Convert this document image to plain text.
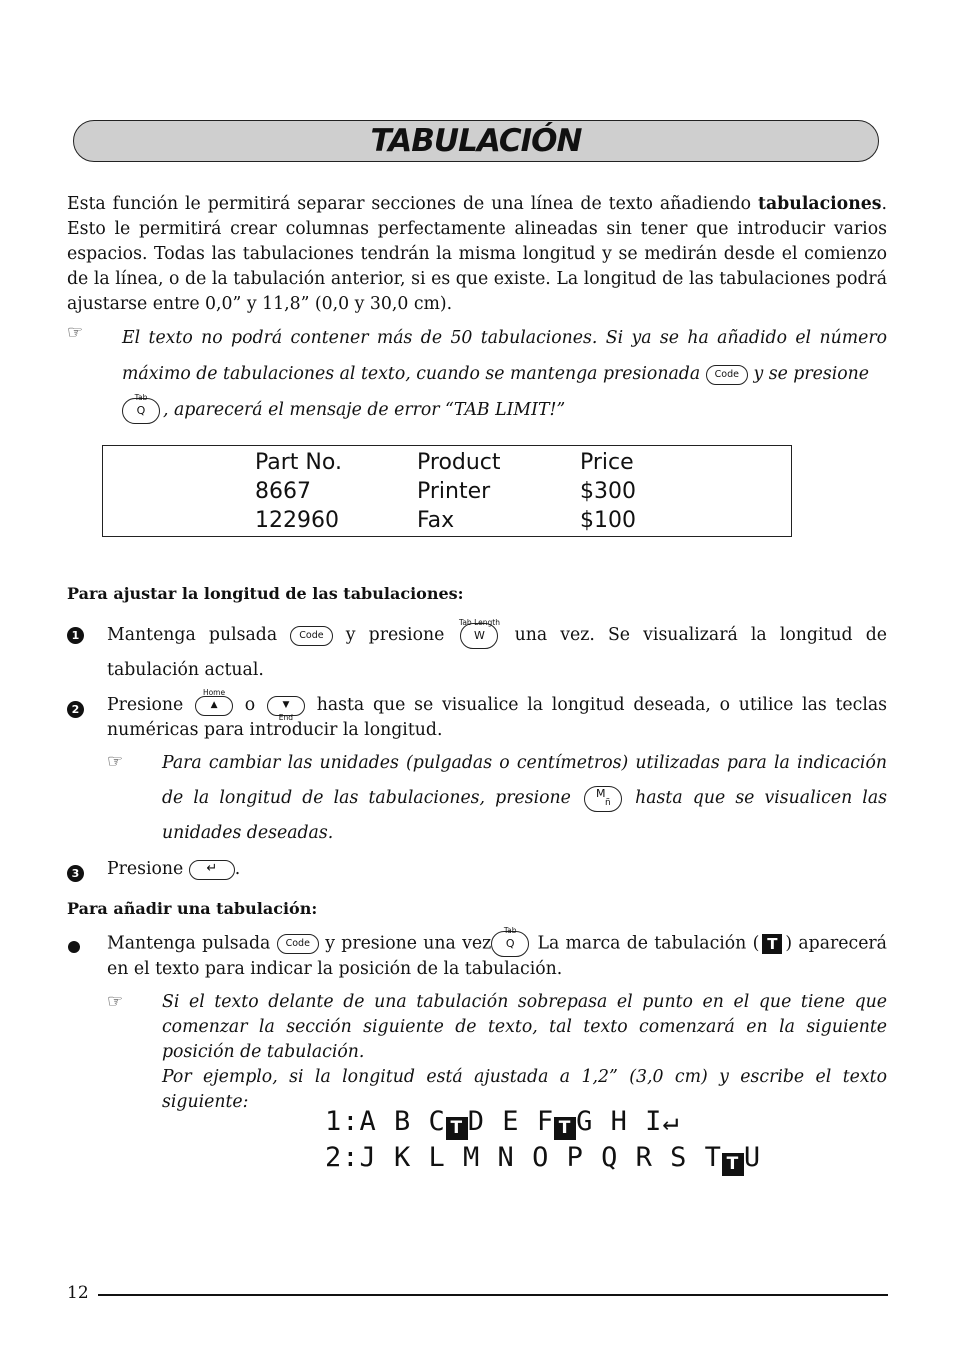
TABULACIÓN
Esta función le permitirá separar secciones de una línea de texto añadiendo tabulaciones. Esto le permitirá crear columnas perfectamente alineadas sin tener que introducir varios espacios. Todas las tabulaciones tendrán la misma longitud y se medirán desde el comienzo de la línea, o de la tabulación anterior, si es que existe. La longitud de las tabulaciones podrá ajustarse entre 0,0” y 11,8” (0,0 y 30,0 cm).
☞ El texto no podrá contener más de 50 tabulaciones. Si ya se ha añadido el número máximo de tabulaciones al texto, cuando se mantenga presionada Code y se presione

Tab
Q , aparecerá el mensaje de error “TAB LIMIT!”
Part No.
8667
122960
Product
Printer
Fax
Price
$300
$100
Para ajustar la longitud de las tabulaciones:
1 Mantenga pulsada Code y presione
Tab Length
W una vez. Se visualizará la longitud de tabulación actual.
2 Presione
Home
▲ o	▼
End
hasta que se visualice la longitud deseada, o utilice las teclas numéricas para introducir la longitud.
☞ Para cambiar las unidades (pulgadas o centímetros) utilizadas para la indicación de la longitud de las tabulaciones, presione M
ñ hasta que se visualicen las unidades deseadas.
3 Presione ↵ .
Para añadir una tabulación:
Mantenga pulsada Code y presione una vez
Tab
Q La marca de tabulación ( T ) aparecerá en el texto para indicar la posición de la tabulación.
☞ Si el texto delante de una tabulación sobrepasa el punto en el que tiene que comenzar la sección siguiente de texto, tal texto comenzará en la siguiente posición de tabulación.
Por ejemplo, si la longitud está ajustada a 1,2” (3,0 cm) y escribe el texto siguiente:
1:A B C T D E F T G H I↵
2:J K L M N O P Q R S T T U
12
